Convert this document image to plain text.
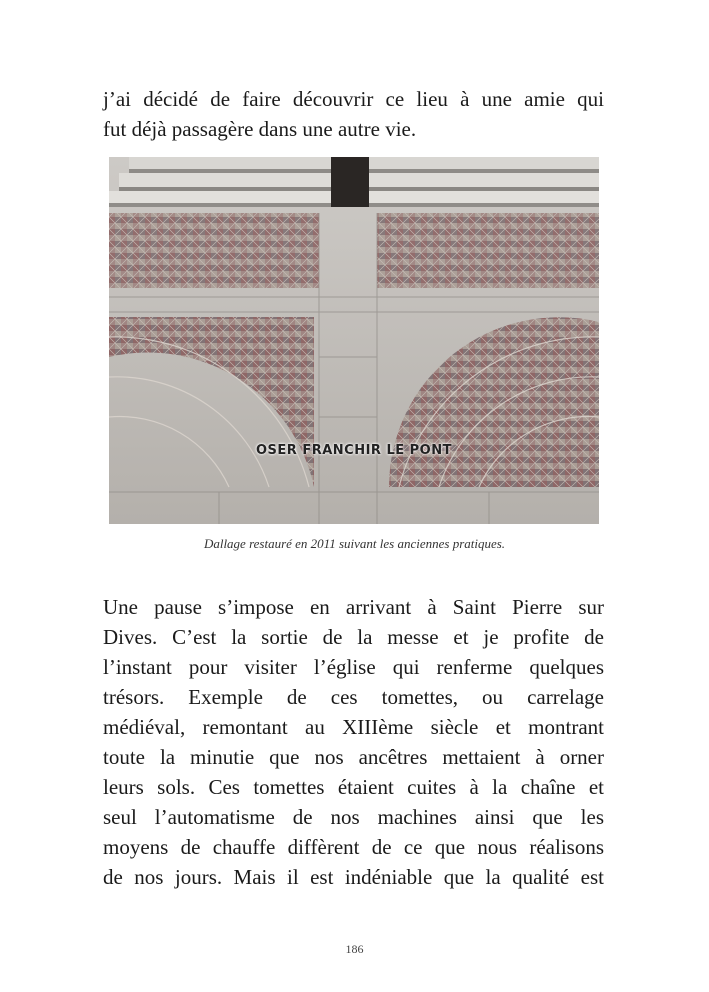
j’ai décidé de faire découvrir ce lieu à une amie qui
fut déjà passagère dans une autre vie.
OSER FRANCHIR LE PONT
Dallage restauré en 2011 suivant les anciennes pratiques.
Une pause s’impose en arrivant à Saint Pierre sur
Dives. C’est la sortie de la messe et je profite de
l’instant pour visiter l’église qui renferme quelques
trésors. Exemple de ces tomettes, ou carrelage
médiéval, remontant au XIIIème siècle et montrant
toute la minutie que nos ancêtres mettaient à orner
leurs sols. Ces tomettes étaient cuites à la chaîne et
seul l’automatisme de nos machines ainsi que les
moyens de chauffe diffèrent de ce que nous réalisons
de nos jours. Mais il est indéniable que la qualité est
186
